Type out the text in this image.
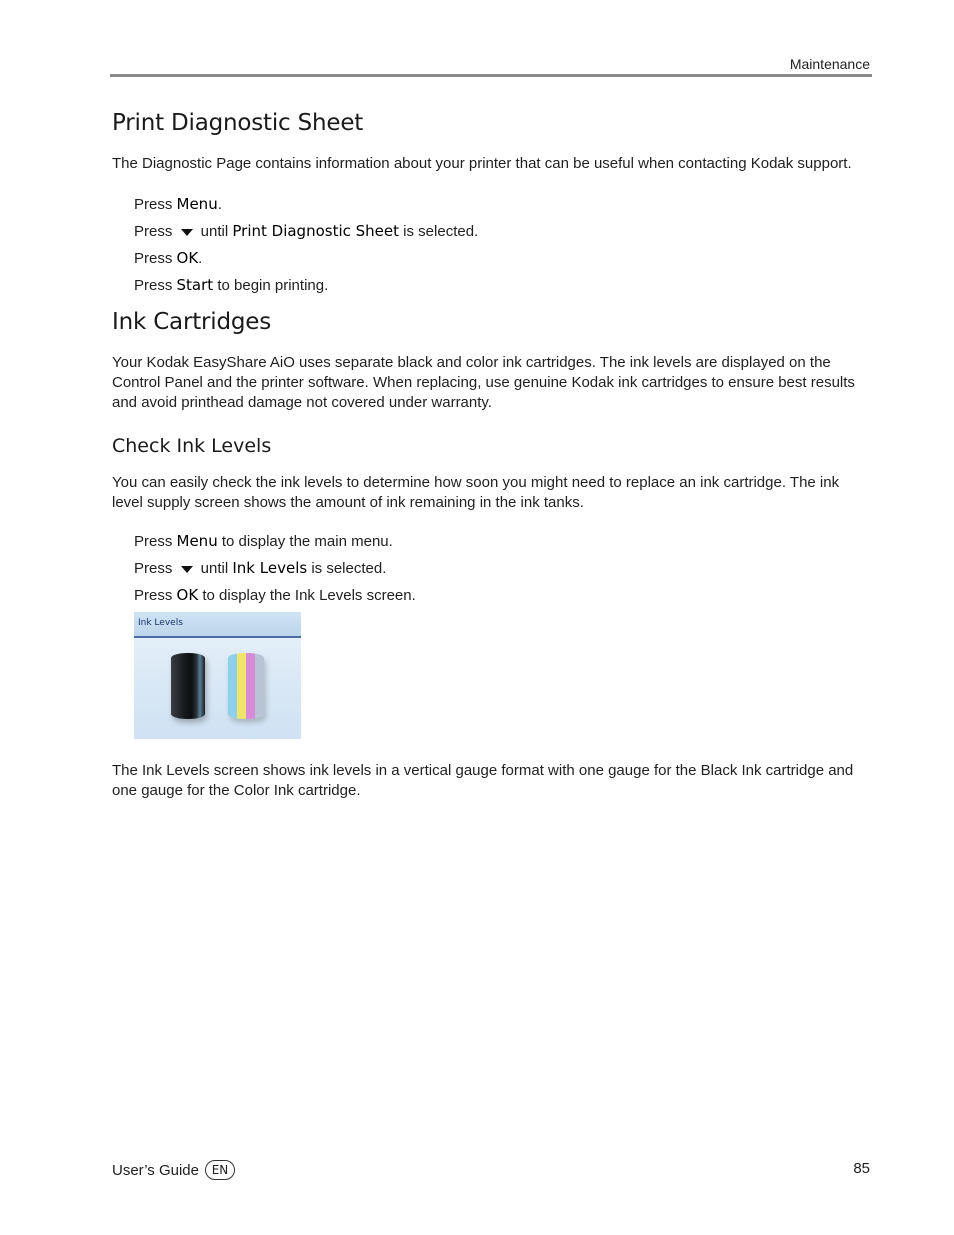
Maintenance
Print Diagnostic Sheet

The Diagnostic Page contains information about your printer that can be useful when contacting Kodak support.

Press Menu.
Press  until Print Diagnostic Sheet is selected.
Press OK.
Press Start to begin printing.
Ink Cartridges

Your Kodak EasyShare AiO uses separate black and color ink cartridges. The ink levels are displayed on the Control Panel and the printer software. When replacing, use genuine Kodak ink cartridges to ensure best results and avoid printhead damage not covered under warranty.

Check Ink Levels

You can easily check the ink levels to determine how soon you might need to replace an ink cartridge. The ink level supply screen shows the amount of ink remaining in the ink tanks.

Press Menu to display the main menu.
Press  until Ink Levels is selected.
Press OK to display the Ink Levels screen.
Ink Levels

The Ink Levels screen shows ink levels in a vertical gauge format with one gauge for the Black Ink cartridge and one gauge for the Color Ink cartridge.

User’s Guide	EN	85
